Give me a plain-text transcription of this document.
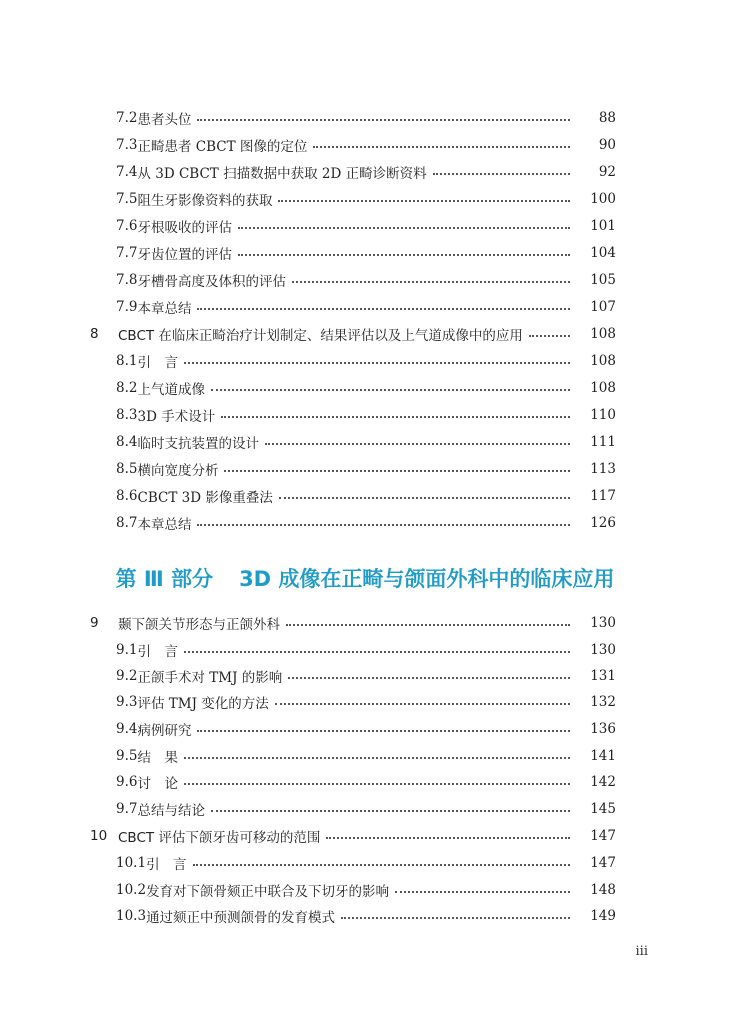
7.2 患者头位	88
7.3 正畸患者 CBCT 图像的定位	90
7.4 从 3D CBCT 扫描数据中获取 2D 正畸诊断资料	92
7.5 阻生牙影像资料的获取	100
7.6 牙根吸收的评估	101
7.7 牙齿位置的评估	104
7.8 牙槽骨高度及体积的评估	105
7.9 本章总结	107
8	CBCT 在临床正畸治疗计划制定、结果评估以及上气道成像中的应用	108
8.1 引　言	108
8.2 上气道成像	108
8.3 3D 手术设计	110
8.4 临时支抗装置的设计	111
8.5 横向宽度分析	113
8.6 CBCT 3D 影像重叠法	117
8.7 本章总结	126
第 Ⅲ 部分 3D 成像在正畸与颌面外科中的临床应用
9	颞下颌关节形态与正颌外科	130
9.1 引　言	130
9.2 正颌手术对 TMJ 的影响	131
9.3 评估 TMJ 变化的方法	132
9.4 病例研究	136
9.5 结　果	141
9.6 讨　论	142
9.7 总结与结论	145
10 CBCT 评估下颌牙齿可移动的范围	147
10.1 引　言	147
10.2 发育对下颌骨颏正中联合及下切牙的影响	148
10.3 通过颏正中预测颌骨的发育模式	149
iii
